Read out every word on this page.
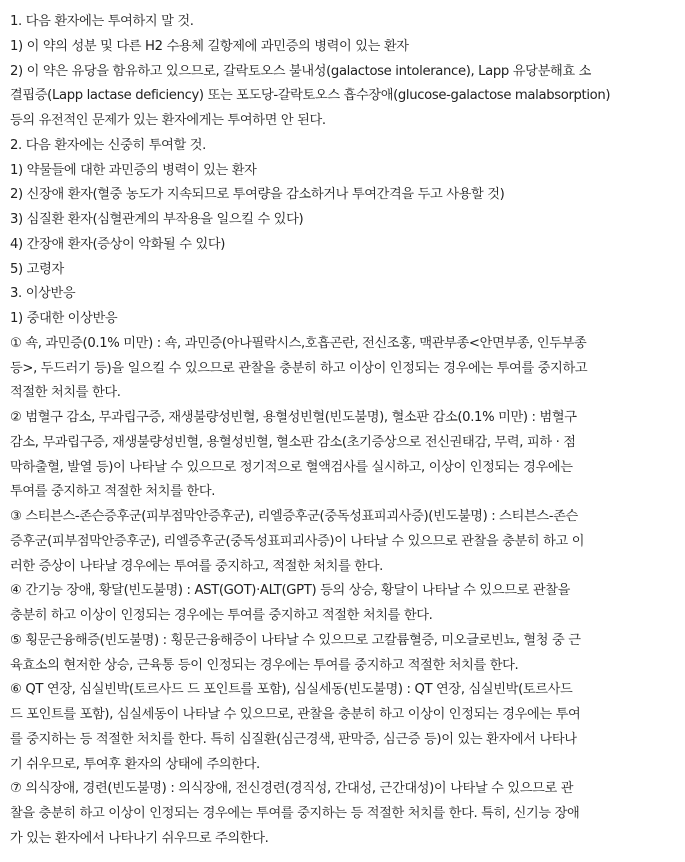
1. 다음 환자에는 투여하지 말 것.
1) 이 약의 성분 및 다른 H2 수용체 길항제에 과민증의 병력이 있는 환자
2) 이 약은 유당을 함유하고 있으므로, 갈락토오스 불내성(galactose intolerance), Lapp 유당분해효 소
결핍증(Lapp lactase deficiency) 또는 포도당-갈락토오스 흡수장애(glucose-galactose malabsorption)
등의 유전적인 문제가 있는 환자에게는 투여하면 안 된다.
2. 다음 환자에는 신중히 투여할 것.
1) 약물들에 대한 과민증의 병력이 있는 환자
2) 신장애 환자(혈중 농도가 지속되므로 투여량을 감소하거나 투여간격을 두고 사용할 것)
3) 심질환 환자(심혈관계의 부작용을 일으킬 수 있다)
4) 간장애 환자(증상이 악화될 수 있다)
5) 고령자
3. 이상반응
1) 중대한 이상반응
① 쇽, 과민증(0.1% 미만) : 쇽, 과민증(아나필락시스,호흡곤란, 전신조홍, 맥관부종<안면부종, 인두부종
등>, 두드러기 등)을 일으킬 수 있으므로 관찰을 충분히 하고 이상이 인정되는 경우에는 투여를 중지하고
적절한 처치를 한다.
② 범혈구 감소, 무과립구증, 재생불량성빈혈, 용혈성빈혈(빈도불명), 혈소판 감소(0.1% 미만) : 범혈구
감소, 무과립구증, 재생불량성빈혈, 용혈성빈혈, 혈소판 감소(초기증상으로 전신권태감, 무력, 피하 · 점
막하출혈, 발열 등)이 나타날 수 있으므로 정기적으로 혈액검사를 실시하고, 이상이 인정되는 경우에는
투여를 중지하고 적절한 처치를 한다.
③ 스티븐스-존슨증후군(피부점막안증후군), 리엘증후군(중독성표피괴사증)(빈도불명) : 스티븐스-존슨
증후군(피부점막안증후군), 리엘증후군(중독성표피괴사증)이 나타날 수 있으므로 관찰을 충분히 하고 이
러한 증상이 나타날 경우에는 투여를 중지하고, 적절한 처치를 한다.
④ 간기능 장애, 황달(빈도불명) : AST(GOT)·ALT(GPT) 등의 상승, 황달이 나타날 수 있으므로 관찰을
충분히 하고 이상이 인정되는 경우에는 투여를 중지하고 적절한 처치를 한다.
⑤ 횡문근융해증(빈도불명) : 횡문근융해증이 나타날 수 있으므로 고칼륨혈증, 미오글로빈뇨, 혈청 중 근
육효소의 현저한 상승, 근육통 등이 인정되는 경우에는 투여를 중지하고 적절한 처치를 한다.
⑥ QT 연장, 심실빈박(토르사드 드 포인트를 포함), 심실세동(빈도불명) : QT 연장, 심실빈박(토르사드
드 포인트를 포함), 심실세동이 나타날 수 있으므로, 관찰을 충분히 하고 이상이 인정되는 경우에는 투여
를 중지하는 등 적절한 처치를 한다. 특히 심질환(심근경색, 판막증, 심근증 등)이 있는 환자에서 나타나
기 쉬우므로, 투여후 환자의 상태에 주의한다.
⑦ 의식장애, 경련(빈도불명) : 의식장애, 전신경련(경직성, 간대성, 근간대성)이 나타날 수 있으므로 관
찰을 충분히 하고 이상이 인정되는 경우에는 투여를 중지하는 등 적절한 처치를 한다. 특히, 신기능 장애
가 있는 환자에서 나타나기 쉬우므로 주의한다.
